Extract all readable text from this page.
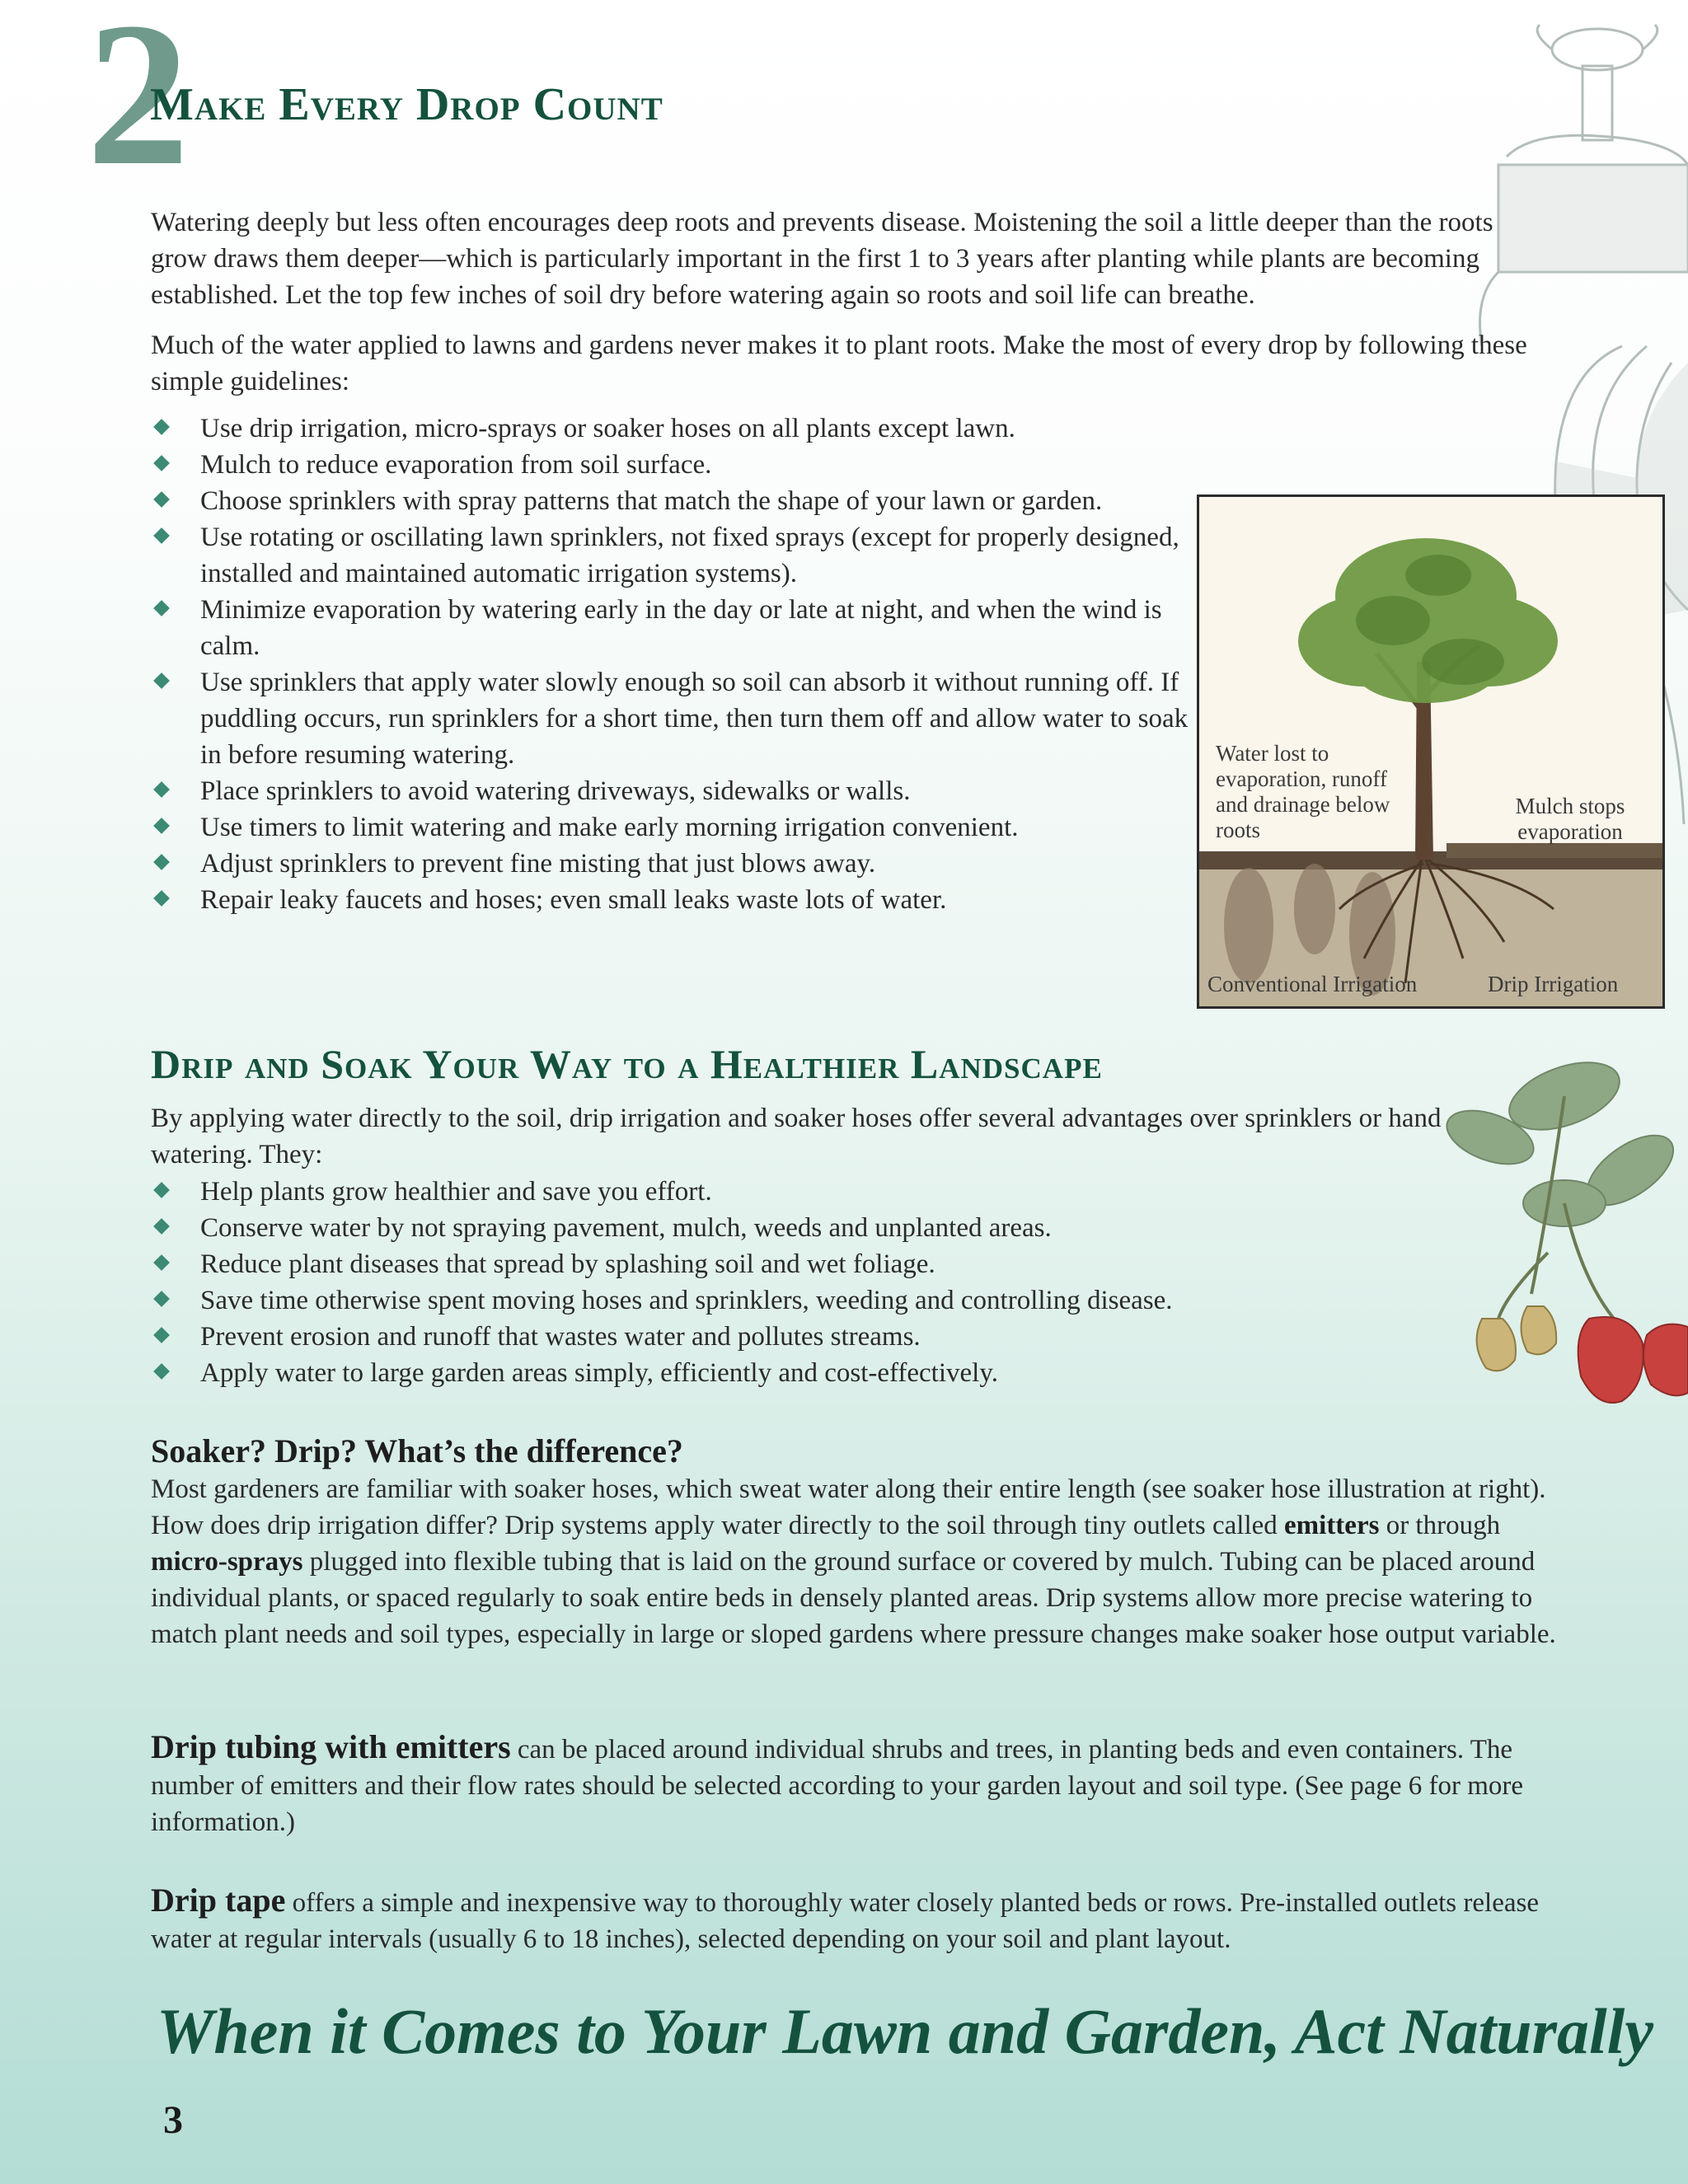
2
Make Every Drop Count

Watering deeply but less often encourages deep roots and prevents disease. Moistening the soil a little deeper than the roots grow draws them deeper—which is particularly important in the first 1 to 3 years after planting while plants are becoming established. Let the top few inches of soil dry before watering again so roots and soil life can breathe.

Much of the water applied to lawns and gardens never makes it to plant roots. Make the most of every drop by following these simple guidelines:

Use drip irrigation, micro-sprays or soaker hoses on all plants except lawn.
Mulch to reduce evaporation from soil surface.
Choose sprinklers with spray patterns that match the shape of your lawn or garden.
Use rotating or oscillating lawn sprinklers, not fixed sprays (except for properly designed, installed and maintained automatic irrigation systems).
Minimize evaporation by watering early in the day or late at night, and when the wind is calm.
Use sprinklers that apply water slowly enough so soil can absorb it without running off. If puddling occurs, run sprinklers for a short time, then turn them off and allow water to soak in before resuming watering.
Place sprinklers to avoid watering driveways, sidewalks or walls.
Use timers to limit watering and make early morning irrigation convenient.
Adjust sprinklers to prevent fine misting that just blows away.
Repair leaky faucets and hoses; even small leaks waste lots of water.
Water lost to evaporation, runoff and drainage below roots
Mulch stops evaporation
Conventional Irrigation	Drip Irrigation
Drip and Soak Your Way to a Healthier Landscape

By applying water directly to the soil, drip irrigation and soaker hoses offer several advantages over sprinklers or hand watering. They:

Help plants grow healthier and save you effort.
Conserve water by not spraying pavement, mulch, weeds and unplanted areas.
Reduce plant diseases that spread by splashing soil and wet foliage.
Save time otherwise spent moving hoses and sprinklers, weeding and controlling disease.
Prevent erosion and runoff that wastes water and pollutes streams.
Apply water to large garden areas simply, efficiently and cost-effectively.
Soaker? Drip? What’s the difference?

Most gardeners are familiar with soaker hoses, which sweat water along their entire length (see soaker hose illustration at right). How does drip irrigation differ? Drip systems apply water directly to the soil through tiny outlets called emitters or through micro-sprays plugged into flexible tubing that is laid on the ground surface or covered by mulch. Tubing can be placed around individual plants, or spaced regularly to soak entire beds in densely planted areas. Drip systems allow more precise watering to match plant needs and soil types, especially in large or sloped gardens where pressure changes make soaker hose output variable.

Drip tubing with emitters can be placed around individual shrubs and trees, in planting beds and even containers. The number of emitters and their flow rates should be selected according to your garden layout and soil type. (See page 6 for more information.)

Drip tape offers a simple and inexpensive way to thoroughly water closely planted beds or rows. Pre-installed outlets release water at regular intervals (usually 6 to 18 inches), selected depending on your soil and plant layout.

When it Comes to Your Lawn and Garden, Act Naturally
3
